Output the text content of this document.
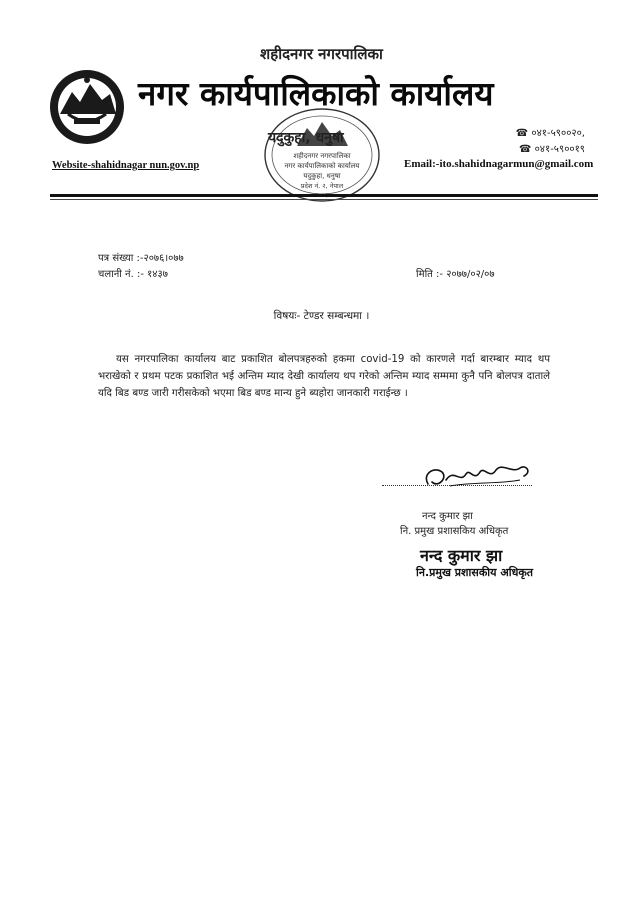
शहीदनगर नगरपालिका
नगर कार्यपालिकाको कार्यालय
शहीदनगर नगरपालिका
नगर कार्यपालिकाको कार्यालय
यदुकुहा, धनुषा
प्रदेश नं. २, नेपाल
यदुकुहा, धनुषा	☎ ०४१-५९००२०,
☎ ०४१-५९००१९
Website-shahidnagar nun.gov.np	Email:-ito.shahidnagarmun@gmail.com
पत्र संख्या :-२०७६।०७७
चलानी नं. :- १४३७	मिति :- २०७७/०२/०७
विषयः- टेण्डर सम्बन्धमा ।
यस नगरपालिका कार्यालय बाट प्रकाशित बोलपत्रहरुको हकमा covid-19 को कारणले गर्दा बारम्बार म्याद थप भराखेको र प्रथम पटक प्रकाशित भई अन्तिम म्याद देखी कार्यालय थप गरेको अन्तिम म्याद सम्ममा कुनै पनि बोलपत्र दाताले यदि बिड बण्ड जारी गरीसकेको भएमा बिड बण्ड मान्य हुने ब्यहोरा जानकारी गराईन्छ ।
नन्द कुमार झा
नि. प्रमुख प्रशासकिय अधिकृत
नन्द कुमार झा
नि.प्रमुख प्रशासकीय अधिकृत
